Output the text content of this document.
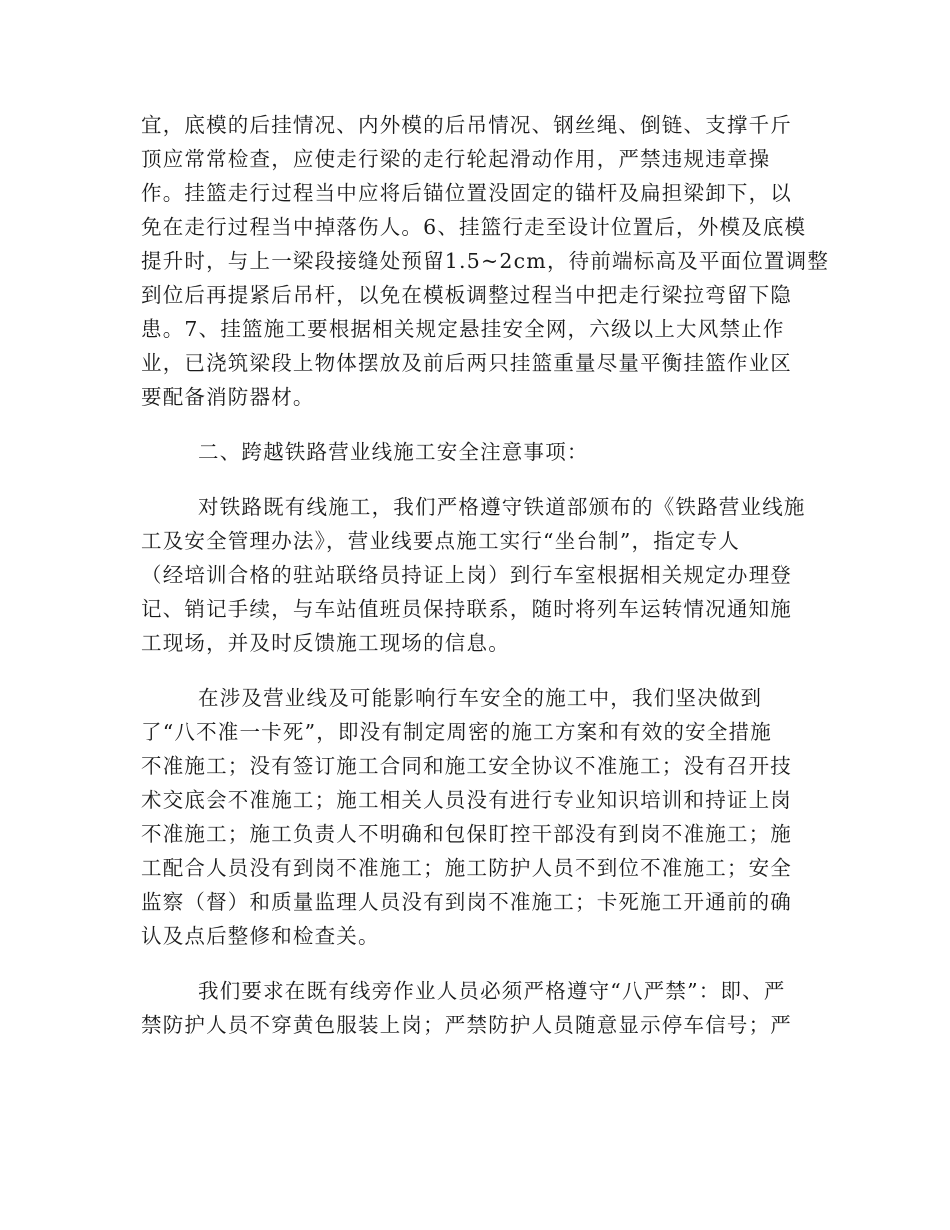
宜，底模的后挂情况、内外模的后吊情况、钢丝绳、倒链、支撑千斤
顶应常常检查，应使走行梁的走行轮起滑动作用，严禁违规违章操
作。挂篮走行过程当中应将后锚位置没固定的锚杆及扁担梁卸下，以
免在走行过程当中掉落伤人。6、挂篮行走至设计位置后，外模及底模
提升时，与上一梁段接缝处预留1.5~2cm，待前端标高及平面位置调整
到位后再提紧后吊杆，以免在模板调整过程当中把走行梁拉弯留下隐
患。7、挂篮施工要根据相关规定悬挂安全网，六级以上大风禁止作
业，已浇筑梁段上物体摆放及前后两只挂篮重量尽量平衡挂篮作业区
要配备消防器材。

二、跨越铁路营业线施工安全注意事项：

对铁路既有线施工，我们严格遵守铁道部颁布的《铁路营业线施
工及安全管理办法》，营业线要点施工实行“坐台制”，指定专人
（经培训合格的驻站联络员持证上岗）到行车室根据相关规定办理登
记、销记手续，与车站值班员保持联系，随时将列车运转情况通知施
工现场，并及时反馈施工现场的信息。

在涉及营业线及可能影响行车安全的施工中，我们坚决做到
了“八不准一卡死”，即没有制定周密的施工方案和有效的安全措施
不准施工；没有签订施工合同和施工安全协议不准施工；没有召开技
术交底会不准施工；施工相关人员没有进行专业知识培训和持证上岗
不准施工；施工负责人不明确和包保盯控干部没有到岗不准施工；施
工配合人员没有到岗不准施工；施工防护人员不到位不准施工；安全
监察（督）和质量监理人员没有到岗不准施工；卡死施工开通前的确
认及点后整修和检查关。

我们要求在既有线旁作业人员必须严格遵守“八严禁”：即、严
禁防护人员不穿黄色服装上岗；严禁防护人员随意显示停车信号；严
